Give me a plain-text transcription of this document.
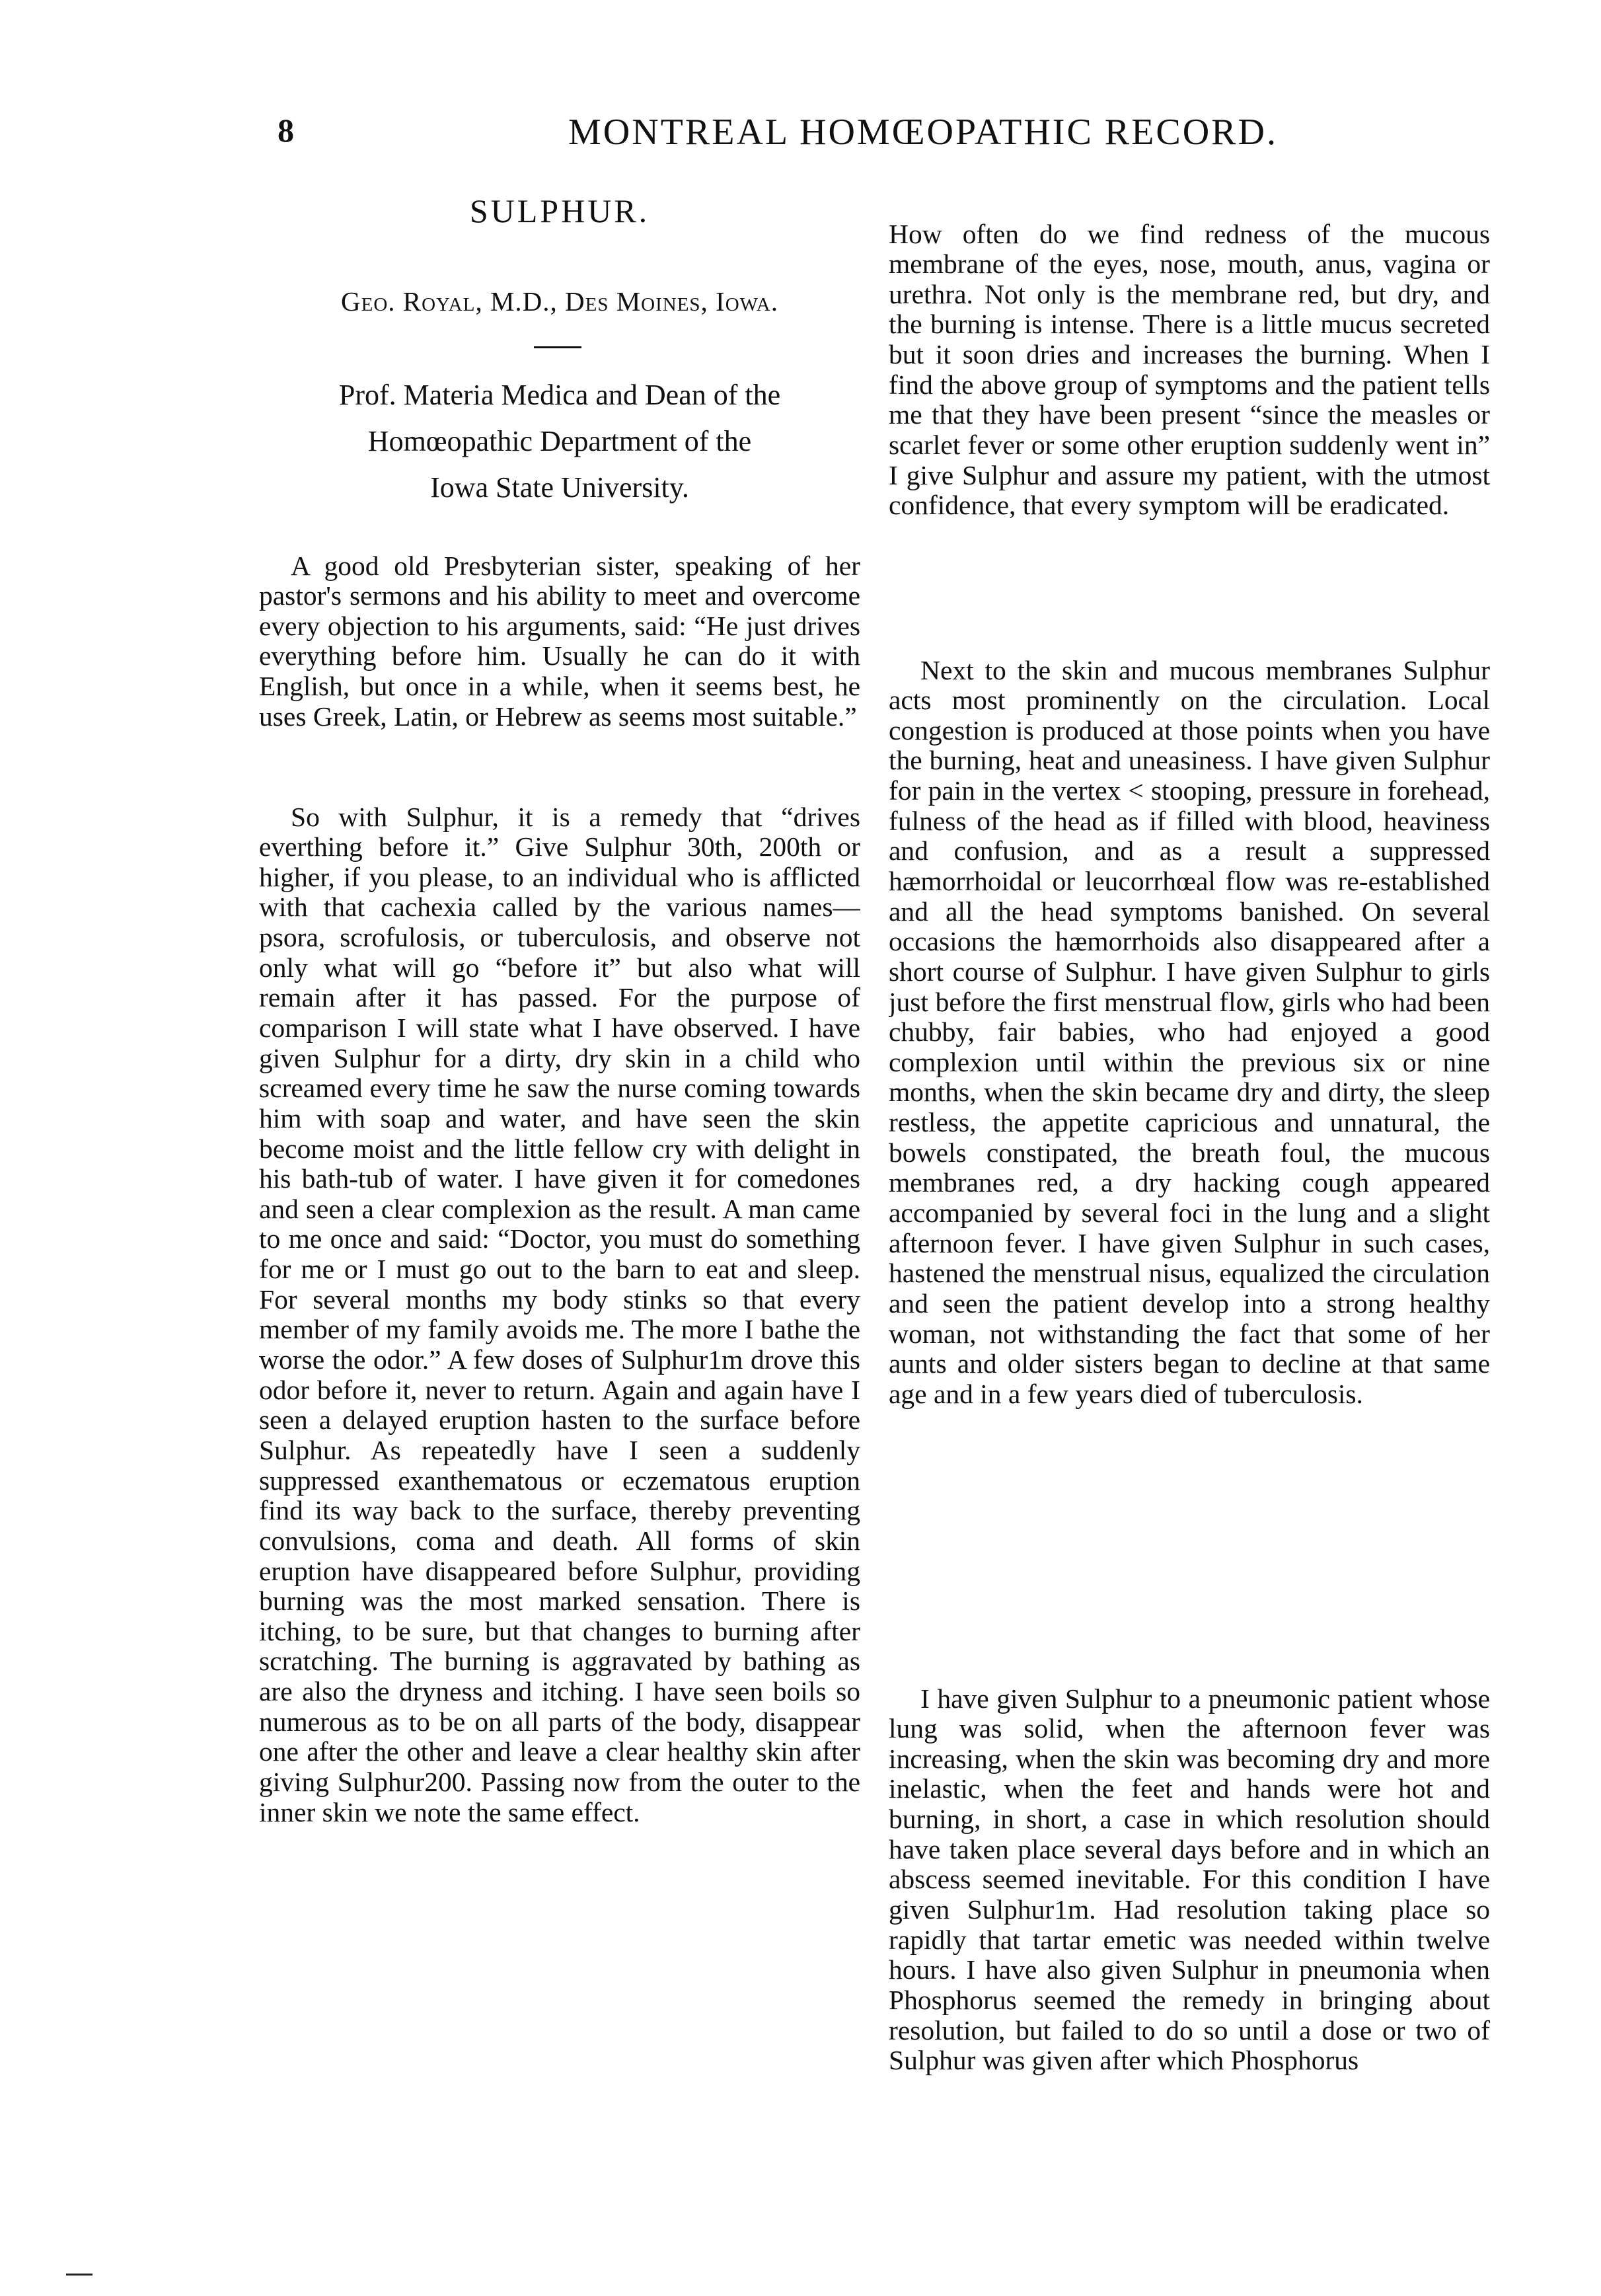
8	MONTREAL HOMŒOPATHIC RECORD.
SULPHUR.
Geo. Royal, M.D., Des Moines, Iowa.
Prof. Materia Medica and Dean of the
Homœopathic Department of the
Iowa State University.

A good old Presbyterian sister, speaking of her pastor's sermons and his ability to meet and overcome every objection to his arguments, said: “He just drives everything before him. Usually he can do it with English, but once in a while, when it seems best, he uses Greek, Latin, or Hebrew as seems most suitable.”

So with Sulphur, it is a remedy that “drives everthing before it.” Give Sulphur 30th, 200th or higher, if you please, to an individual who is afflicted with that cachexia called by the various names—psora, scrofulosis, or tuberculosis, and observe not only what will go “before it” but also what will remain after it has passed. For the purpose of comparison I will state what I have observed. I have given Sulphur for a dirty, dry skin in a child who screamed every time he saw the nurse coming towards him with soap and water, and have seen the skin become moist and the little fellow cry with delight in his bath-tub of water. I have given it for comedones and seen a clear complexion as the result. A man came to me once and said: “Doctor, you must do something for me or I must go out to the barn to eat and sleep. For several months my body stinks so that every member of my family avoids me. The more I bathe the worse the odor.” A few doses of Sulphur1m drove this odor before it, never to return. Again and again have I seen a delayed eruption hasten to the surface before Sulphur. As repeatedly have I seen a suddenly suppressed exanthematous or eczematous eruption find its way back to the surface, thereby preventing convulsions, coma and death. All forms of skin eruption have disappeared before Sulphur, providing burning was the most marked sensation. There is itching, to be sure, but that changes to burning after scratching. The burning is aggravated by bathing as are also the dryness and itching. I have seen boils so numerous as to be on all parts of the body, disappear one after the other and leave a clear healthy skin after giving Sulphur200. Passing now from the outer to the inner skin we note the same effect.

How often do we find redness of the mucous membrane of the eyes, nose, mouth, anus, vagina or urethra. Not only is the membrane red, but dry, and the burning is intense. There is a little mucus secreted but it soon dries and increases the burning. When I find the above group of symptoms and the patient tells me that they have been present “since the measles or scarlet fever or some other eruption suddenly went in” I give Sulphur and assure my patient, with the utmost confidence, that every symptom will be eradicated.

Next to the skin and mucous membranes Sulphur acts most prominently on the circulation. Local congestion is produced at those points when you have the burning, heat and uneasiness. I have given Sulphur for pain in the vertex < stooping, pressure in forehead, fulness of the head as if filled with blood, heaviness and confusion, and as a result a suppressed hæmorrhoidal or leucorrhœal flow was re-established and all the head symptoms banished. On several occasions the hæmorrhoids also disappeared after a short course of Sulphur. I have given Sulphur to girls just before the first menstrual flow, girls who had been chubby, fair babies, who had enjoyed a good complexion until within the previous six or nine months, when the skin became dry and dirty, the sleep restless, the appetite capricious and unnatural, the bowels constipated, the breath foul, the mucous membranes red, a dry hacking cough appeared accompanied by several foci in the lung and a slight afternoon fever. I have given Sulphur in such cases, hastened the menstrual nisus, equalized the circulation and seen the patient develop into a strong healthy woman, not withstanding the fact that some of her aunts and older sisters began to decline at that same age and in a few years died of tuberculosis.

I have given Sulphur to a pneumonic patient whose lung was solid, when the afternoon fever was increasing, when the skin was becoming dry and more inelastic, when the feet and hands were hot and burning, in short, a case in which resolution should have taken place several days before and in which an abscess seemed inevitable. For this condition I have given Sulphur1m. Had resolution taking place so rapidly that tartar emetic was needed within twelve hours. I have also given Sulphur in pneumonia when Phosphorus seemed the remedy in bringing about resolution, but failed to do so until a dose or two of Sulphur was given after which Phosphorus
